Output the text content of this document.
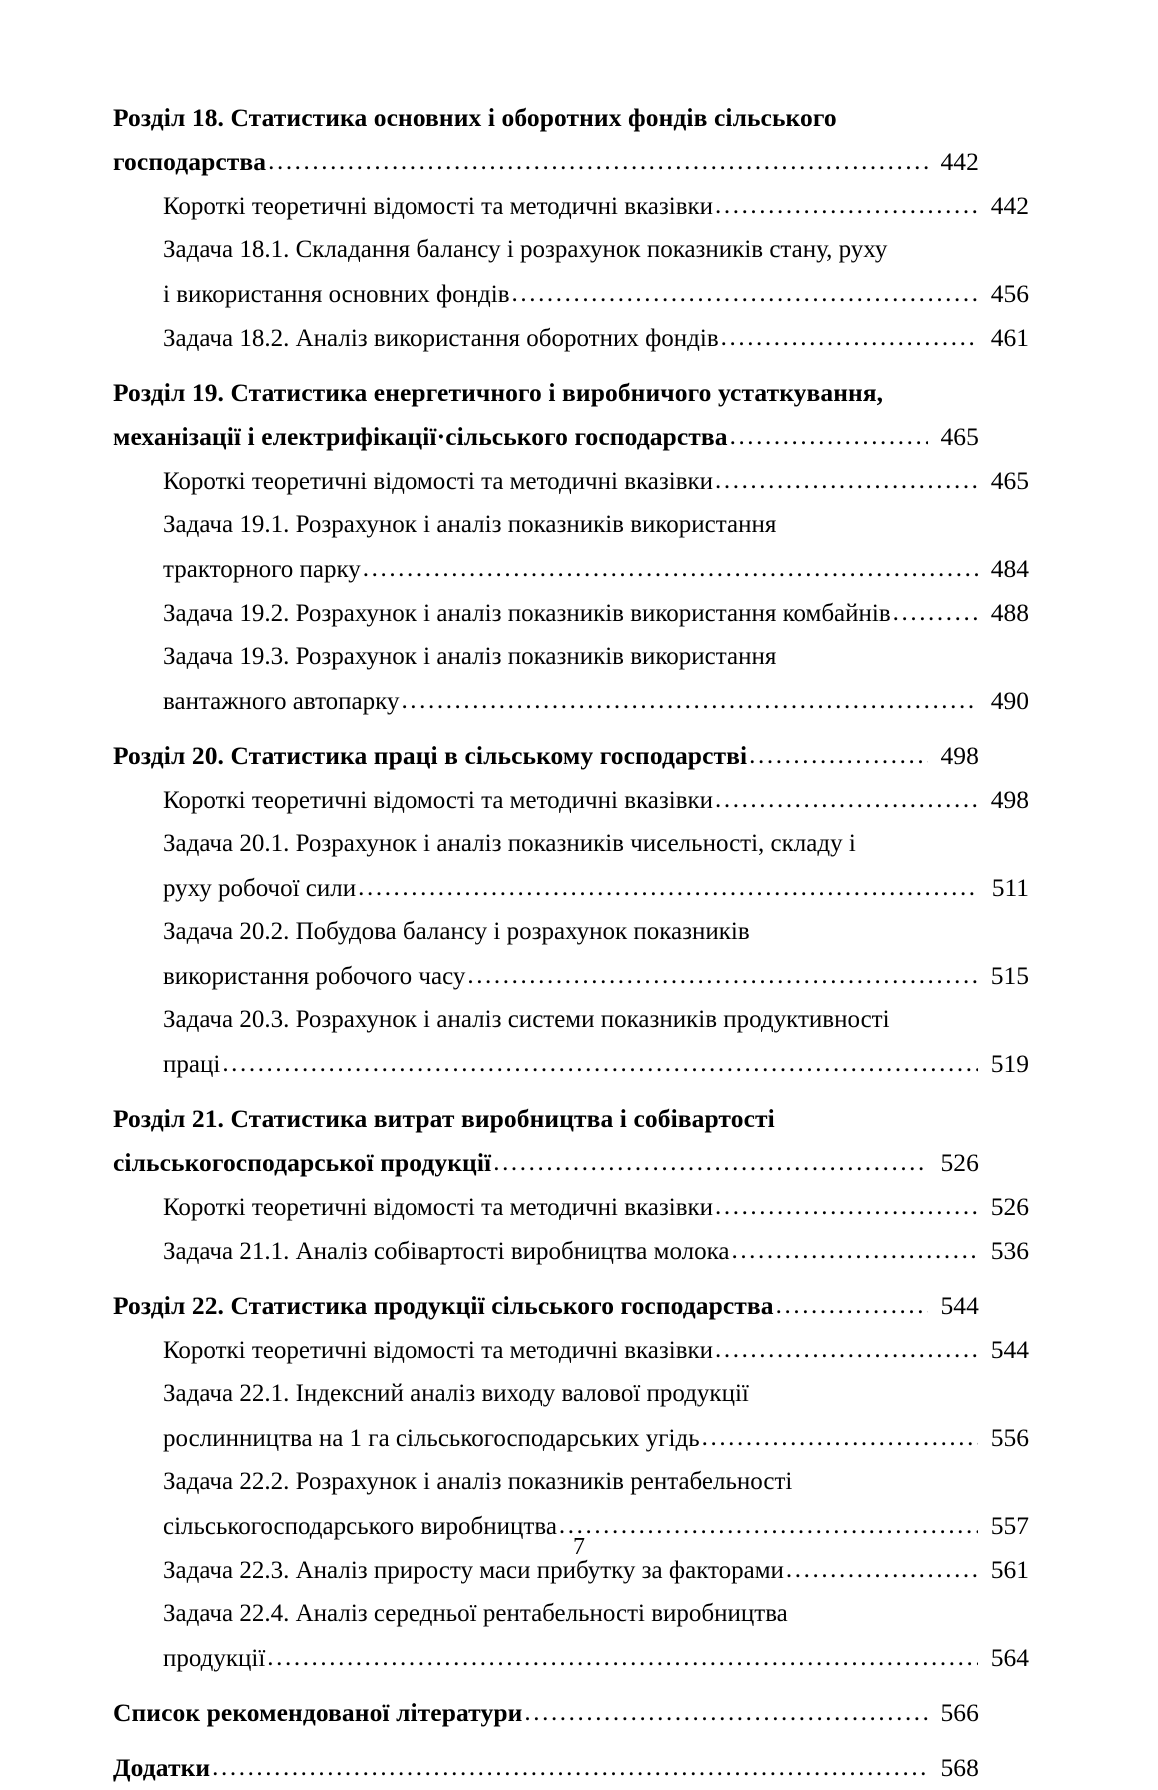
Розділ 18. Статистика основних і оборотних фондів сільського
господарства .....	442
Короткі теоретичні відомості та методичні вказівки .....	442
Задача 18.1. Складання балансу і розрахунок показників стану, руху
і використання основних фондів .....	456
Задача 18.2. Аналіз використання оборотних фондів .....	461
Розділ 19. Статистика енергетичного і виробничого устаткування,
механізації і електрифікації·сільського господарства .....	465
Короткі теоретичні відомості та методичні вказівки .....	465
Задача 19.1. Розрахунок і аналіз показників використання
тракторного парку .....	484
Задача 19.2. Розрахунок і аналіз показників використання комбайнів .....	488
Задача 19.3. Розрахунок і аналіз показників використання
вантажного автопарку .....	490
Розділ 20. Статистика праці в сільському господарстві .....	498
Короткі теоретичні відомості та методичні вказівки .....	498
Задача 20.1. Розрахунок і аналіз показників чисельності, складу і
руху робочої сили .....	511
Задача 20.2. Побудова балансу і розрахунок показників
використання робочого часу .....	515
Задача 20.3. Розрахунок і аналіз системи показників продуктивності
праці .....	519
Розділ 21. Статистика витрат виробництва і собівартості
сільськогосподарської продукції .....	526
Короткі теоретичні відомості та методичні вказівки .....	526
Задача 21.1. Аналіз собівартості виробництва молока .....	536
Розділ 22. Статистика продукції сільського господарства .....	544
Короткі теоретичні відомості та методичні вказівки .....	544
Задача 22.1. Індексний аналіз виходу валової продукції
рослинництва на 1 га сільськогосподарських угідь .....	556
Задача 22.2. Розрахунок і аналіз показників рентабельності
сільськогосподарського виробництва .....	557
Задача 22.3. Аналіз приросту маси прибутку за факторами .....	561
Задача 22.4. Аналіз середньої рентабельності виробництва
продукції .....	564
Список рекомендованої літератури .....	566
Додатки .....	568
7
